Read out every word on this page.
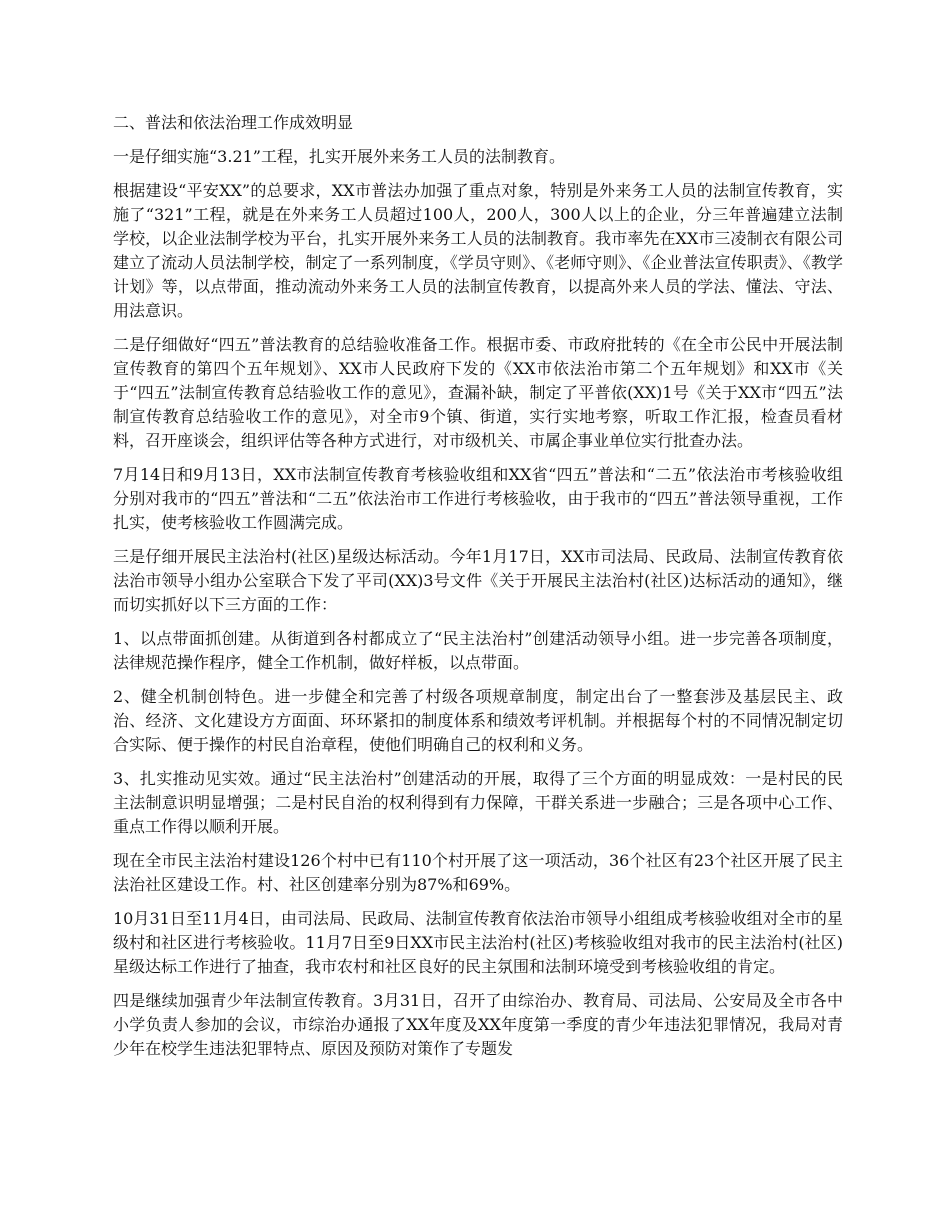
二、普法和依法治理工作成效明显

一是仔细实施“3.21”工程，扎实开展外来务工人员的法制教育。

根据建设“平安XX”的总要求，XX市普法办加强了重点对象，特别是外来务工人员的法制宣传教育，实施了“321”工程，就是在外来务工人员超过100人，200人，300人以上的企业，分三年普遍建立法制学校，以企业法制学校为平台，扎实开展外来务工人员的法制教育。我市率先在XX市三凌制衣有限公司建立了流动人员法制学校，制定了一系列制度，《学员守则》、《老师守则》、《企业普法宣传职责》、《教学计划》等，以点带面，推动流动外来务工人员的法制宣传教育，以提高外来人员的学法、懂法、守法、用法意识。

二是仔细做好“四五”普法教育的总结验收准备工作。根据市委、市政府批转的《在全市公民中开展法制宣传教育的第四个五年规划》、XX市人民政府下发的《XX市依法治市第二个五年规划》和XX市《关于“四五”法制宣传教育总结验收工作的意见》，查漏补缺，制定了平普依(XX)1号《关于XX市“四五”法制宣传教育总结验收工作的意见》，对全市9个镇、街道，实行实地考察，听取工作汇报，检查员看材料，召开座谈会，组织评估等各种方式进行，对市级机关、市属企事业单位实行批查办法。

7月14日和9月13日，XX市法制宣传教育考核验收组和XX省“四五”普法和“二五”依法治市考核验收组分别对我市的“四五”普法和“二五”依法治市工作进行考核验收，由于我市的“四五”普法领导重视，工作扎实，使考核验收工作圆满完成。

三是仔细开展民主法治村(社区)星级达标活动。今年1月17日，XX市司法局、民政局、法制宣传教育依法治市领导小组办公室联合下发了平司(XX)3号文件《关于开展民主法治村(社区)达标活动的通知》，继而切实抓好以下三方面的工作：

1、以点带面抓创建。从街道到各村都成立了“民主法治村”创建活动领导小组。进一步完善各项制度，法律规范操作程序，健全工作机制，做好样板，以点带面。

2、健全机制创特色。进一步健全和完善了村级各项规章制度，制定出台了一整套涉及基层民主、政治、经济、文化建设方方面面、环环紧扣的制度体系和绩效考评机制。并根据每个村的不同情况制定切合实际、便于操作的村民自治章程，使他们明确自己的权利和义务。

3、扎实推动见实效。通过“民主法治村”创建活动的开展，取得了三个方面的明显成效：一是村民的民主法制意识明显增强；二是村民自治的权利得到有力保障，干群关系进一步融合；三是各项中心工作、重点工作得以顺利开展。

现在全市民主法治村建设126个村中已有110个村开展了这一项活动，36个社区有23个社区开展了民主法治社区建设工作。村、社区创建率分别为87%和69%。

10月31日至11月4日，由司法局、民政局、法制宣传教育依法治市领导小组组成考核验收组对全市的星级村和社区进行考核验收。11月7日至9日XX市民主法治村(社区)考核验收组对我市的民主法治村(社区)星级达标工作进行了抽查，我市农村和社区良好的民主氛围和法制环境受到考核验收组的肯定。

四是继续加强青少年法制宣传教育。3月31日，召开了由综治办、教育局、司法局、公安局及全市各中小学负责人参加的会议，市综治办通报了XX年度及XX年度第一季度的青少年违法犯罪情况，我局对青少年在校学生违法犯罪特点、原因及预防对策作了专题发
